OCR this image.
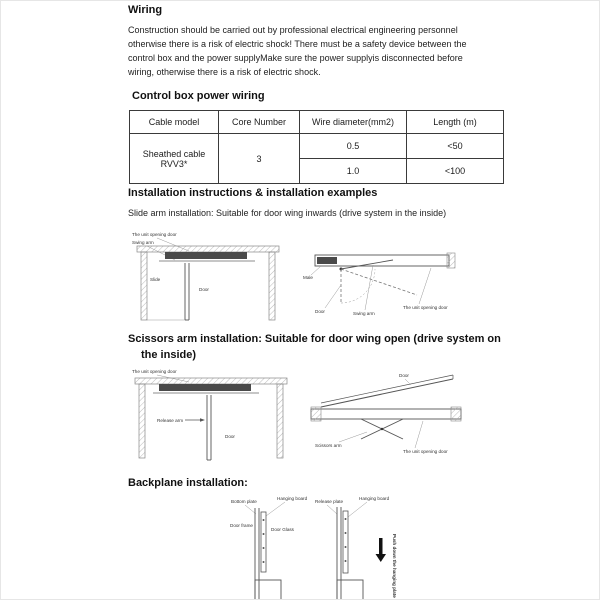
Wiring

Construction should be carried out by professional electrical engineering personnel otherwise there is a risk of electric shock! There must be a safety device between the control box and the power supplyMake sure the power supplyis disconnected before wiring, otherwise there is a risk of electric shock.

Control box power wiring
Cable model	Core Number	Wire diameter(mm2)	Length (m)
Sheathed cable RVV3*	3	0.5	<50
		1.0	<100
Installation instructions & installation examples

Slide arm installation: Suitable for door wing inwards (drive system in the inside)

The unit opening door
Swing arm
Slide
Door
Male
Door	Swing arm
The unit opening door
Scissors arm installation: Suitable for door wing open (drive system on the inside)
The unit opening door
Release arm
Door
Door
Scissors arm
The unit opening door
Backplane installation:
Bottom plate
Hanging board
Door frame
Door Glass
Release plate
Hanging board
Push down the hanging plate
